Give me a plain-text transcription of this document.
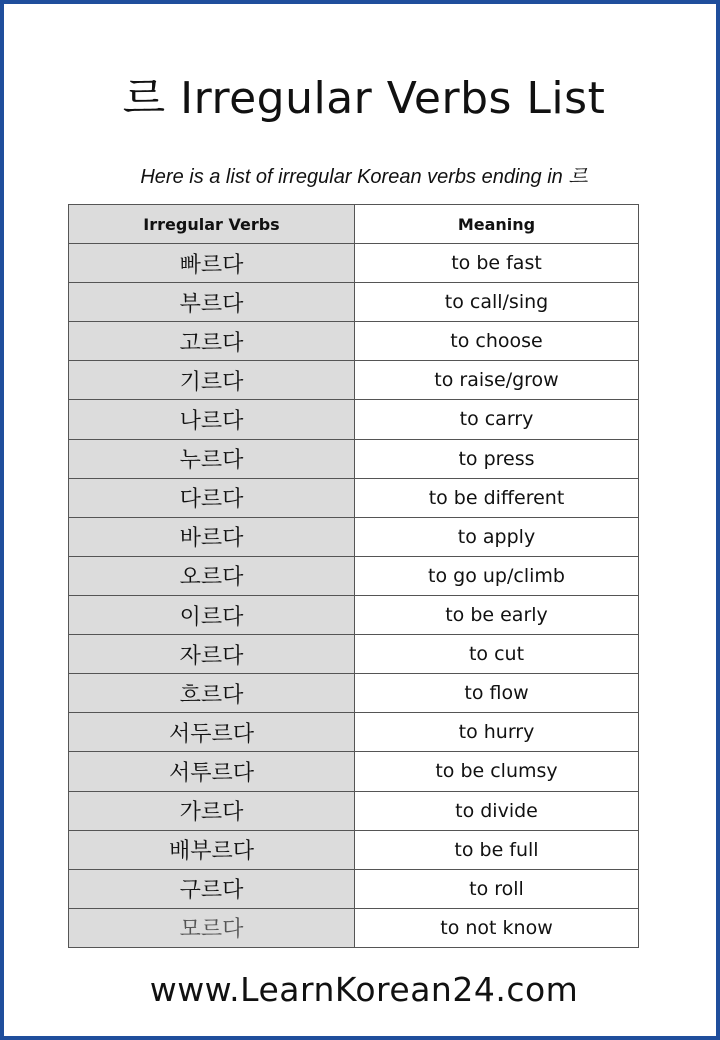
르 Irregular Verbs List
Here is a list of irregular Korean verbs ending in 르
Irregular Verbs	Meaning
빠르다	to be fast
부르다	to call/sing
고르다	to choose
기르다	to raise/grow
나르다	to carry
누르다	to press
다르다	to be different
바르다	to apply
오르다	to go up/climb
이르다	to be early
자르다	to cut
흐르다	to flow
서두르다	to hurry
서투르다	to be clumsy
가르다	to divide
배부르다	to be full
구르다	to roll
모르다	to not know
www.LearnKorean24.com
